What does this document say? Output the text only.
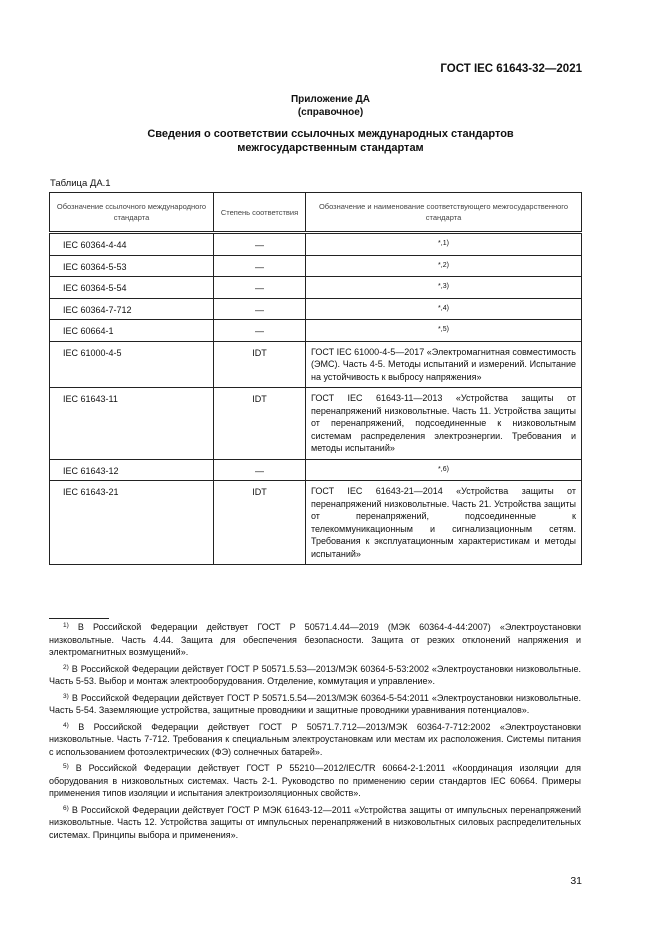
ГОСТ IEC 61643-32—2021
Приложение ДА
(справочное)
Сведения о соответствии ссылочных международных стандартов
межгосударственным стандартам
Таблица ДА.1
Обозначение ссылочного международного стандарта	Степень соответствия	Обозначение и наименование соответствующего межгосударственного стандарта
IEC 60364-4-44	—	*,1)
IEC 60364-5-53	—	*,2)
IEC 60364-5-54	—	*,3)
IEC 60364-7-712	—	*,4)
IEC 60664-1	—	*,5)
IEC 61000-4-5	IDT	ГОСТ IEC 61000-4-5—2017 «Электромагнитная совместимость (ЭМС). Часть 4-5. Методы испытаний и измерений. Испытание на устойчивость к выбросу напряжения»
IEC 61643-11	IDT	ГОСТ IEC 61643-11—2013 «Устройства защиты от перенапряжений низковольтные. Часть 11. Устройства защиты от перенапряжений, подсоединенные к низковольтным системам распределения электроэнергии. Требования и методы испытаний»
IEC 61643-12	—	*,6)
IEC 61643-21	IDT	ГОСТ IEC 61643-21—2014 «Устройства защиты от перенапряжений низковольтные. Часть 21. Устройства защиты от перенапряжений, подсоединенные к телекоммуникационным и сигнализационным сетям. Требования к эксплуатационным характеристикам и методы испытаний»
$^{1)}$ В Российской Федерации действует ГОСТ Р 50571.4.44—2019 (МЭК 60364-4-44:2007) «Электроустановки низковольтные. Часть 4.44. Защита для обеспечения безопасности. Защита от резких отклонений напряжения и электромагнитных возмущений».
$^{2)}$ В Российской Федерации действует ГОСТ Р 50571.5.53—2013/МЭК 60364-5-53:2002 «Электроустановки низковольтные. Часть 5-53. Выбор и монтаж электрооборудования. Отделение, коммутация и управление».
$^{3)}$ В Российской Федерации действует ГОСТ Р 50571.5.54—2013/МЭК 60364-5-54:2011 «Электроустановки низковольтные. Часть 5-54. Заземляющие устройства, защитные проводники и защитные проводники уравнивания потенциалов».
$^{4)}$ В Российской Федерации действует ГОСТ Р 50571.7.712—2013/МЭК 60364-7-712:2002 «Электроустановки низковольтные. Часть 7-712. Требования к специальным электроустановкам или местам их расположения. Системы питания с использованием фотоэлектрических (ФЭ) солнечных батарей».
$^{5)}$ В Российской Федерации действует ГОСТ Р 55210—2012/IEC/TR 60664-2-1:2011 «Координация изоляции для оборудования в низковольтных системах. Часть 2-1. Руководство по применению серии стандартов IEC 60664. Примеры применения типов изоляции и испытания электроизоляционных свойств».
$^{6)}$ В Российской Федерации действует ГОСТ Р МЭК 61643-12—2011 «Устройства защиты от импульсных перенапряжений низковольтные. Часть 12. Устройства защиты от импульсных перенапряжений в низковольтных силовых распределительных системах. Принципы выбора и применения».
31
